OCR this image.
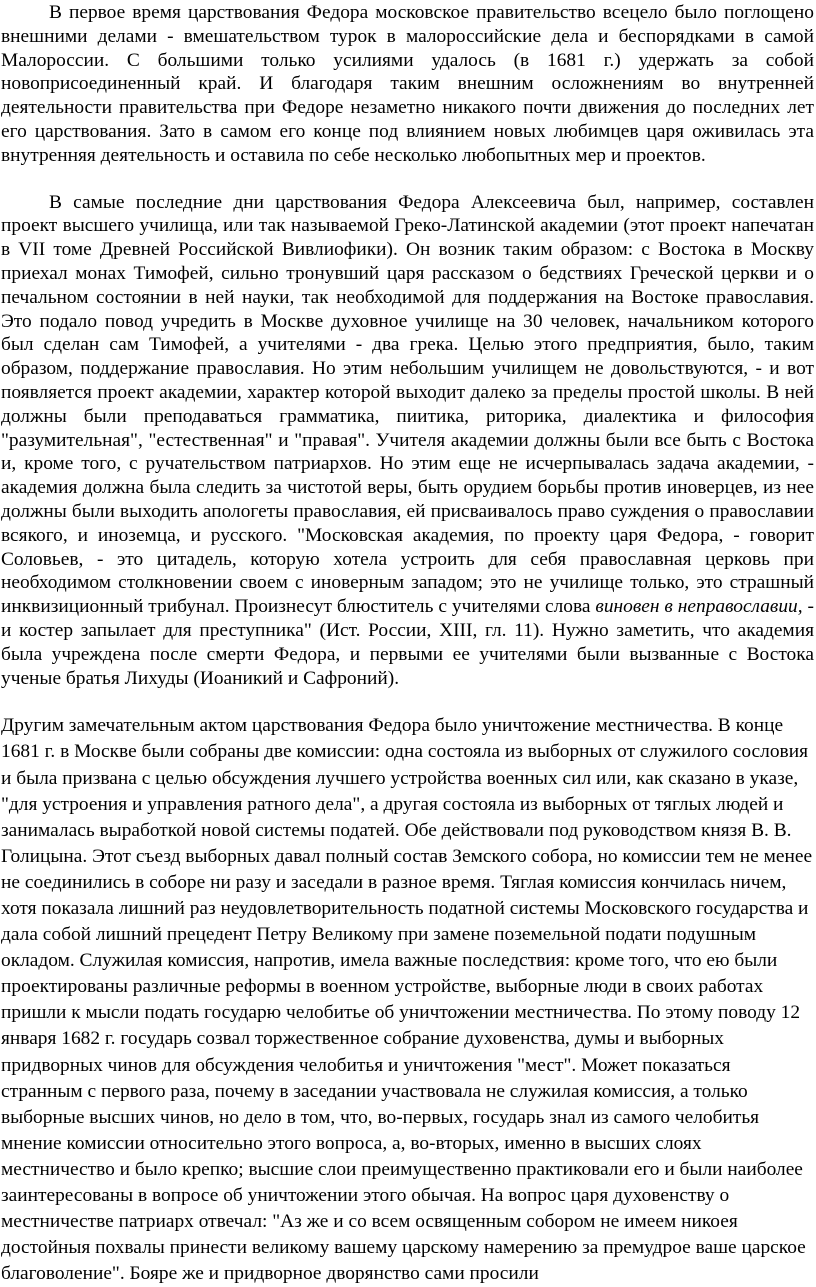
В первое время царствования Федора московское правительство всецело было поглощено внешними делами - вмешательством турок в малороссийские дела и беспорядками в самой Малороссии. С большими только усилиями удалось (в 1681 г.) удержать за собой новоприсоединенный край. И благодаря таким внешним осложнениям во внутренней деятельности правительства при Федоре незаметно никакого почти движения до последних лет его царствования. Зато в самом его конце под влиянием новых любимцев царя оживилась эта внутренняя деятельность и оставила по себе несколько любопытных мер и проектов.

В самые последние дни царствования Федора Алексеевича был, например, составлен проект высшего училища, или так называемой Греко-Латинской академии (этот проект напечатан в VII томе Древней Российской Вивлиофики). Он возник таким образом: с Востока в Москву приехал монах Тимофей, сильно тронувший царя рассказом о бедствиях Греческой церкви и о печальном состоянии в ней науки, так необходимой для поддержания на Востоке православия. Это подало повод учредить в Москве духовное училище на 30 человек, начальником которого был сделан сам Тимофей, а учителями - два грека. Целью этого предприятия, было, таким образом, поддержание православия. Но этим небольшим училищем не довольствуются, - и вот появляется проект академии, характер которой выходит далеко за пределы простой школы. В ней должны были преподаваться грамматика, пиитика, риторика, диалектика и философия "разумительная", "естественная" и "правая". Учителя академии должны были все быть с Востока и, кроме того, с ручательством патриархов. Но этим еще не исчерпывалась задача академии, - академия должна была следить за чистотой веры, быть орудием борьбы против иноверцев, из нее должны были выходить апологеты православия, ей присваивалось право суждения о православии всякого, и иноземца, и русского. "Московская академия, по проекту царя Федора, - говорит Соловьев, - это цитадель, которую хотела устроить для себя православная церковь при необходимом столкновении своем с иноверным западом; это не училище только, это страшный инквизиционный трибунал. Произнесут блюститель с учителями слова виновен в неправославии, - и костер запылает для преступника" (Ист. России, XIII, гл. 11). Нужно заметить, что академия была учреждена после смерти Федора, и первыми ее учителями были вызванные с Востока ученые братья Лихуды (Иоаникий и Сафроний).

Другим замечательным актом царствования Федора было уничтожение местничества. В конце 1681 г. в Москве были собраны две комиссии: одна состояла из выборных от служилого сословия и была призвана с целью обсуждения лучшего устройства военных сил или, как сказано в указе, "для устроения и управления ратного дела", а другая состояла из выборных от тяглых людей и занималась выработкой новой системы податей. Обе действовали под руководством князя В. В. Голицына. Этот съезд выборных давал полный состав Земского собора, но комиссии тем не менее не соединились в соборе ни разу и заседали в разное время. Тяглая комиссия кончилась ничем, хотя показала лишний раз неудовлетворительность податной системы Московского государства и дала собой лишний прецедент Петру Великому при замене поземельной подати подушным окладом. Служилая комиссия, напротив, имела важные последствия: кроме того, что ею были проектированы различные реформы в военном устройстве, выборные люди в своих работах пришли к мысли подать государю челобитье об уничтожении местничества. По этому поводу 12 января 1682 г. государь созвал торжественное собрание духовенства, думы и выборных придворных чинов для обсуждения челобитья и уничтожения "мест". Может показаться странным с первого раза, почему в заседании участвовала не служилая комиссия, а только выборные высших чинов, но дело в том, что, во-первых, государь знал из самого челобитья мнение комиссии относительно этого вопроса, а, во-вторых, именно в высших слоях местничество и было крепко; высшие слои преимущественно практиковали его и были наиболее заинтересованы в вопросе об уничтожении этого обычая. На вопрос царя духовенству о местничестве патриарх отвечал: "Аз же и со всем освященным собором не имеем никоея достойныя похвалы принести великому вашему царскому намерению за премудрое ваше царское благоволение". Бояре же и придворное дворянство сами просили
